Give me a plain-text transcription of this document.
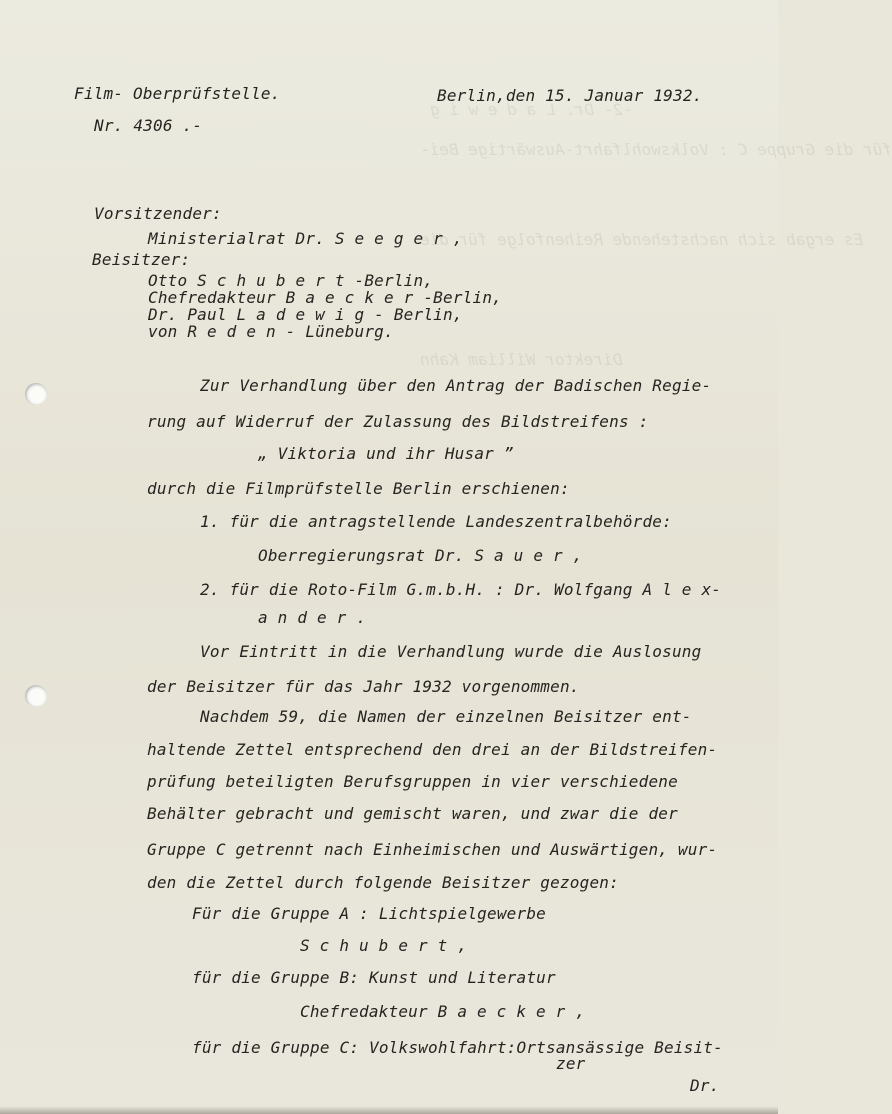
-2- Dr. L a d e w i g
für die Gruppe C : Volkswohlfahrt-Auswärtige Bei-
Es ergab sich nachstehende Reihenfolge für die
Direktor William Kahn
Film- Oberprüfstelle.	Berlin,den 15. Januar 1932.
Nr. 4306 .-
Vorsitzender:
Ministerialrat Dr. S e e g e r ,
Beisitzer:
Otto S c h u b e r t -Berlin,
Chefredakteur B a e c k e r -Berlin,
Dr. Paul L a d e w i g - Berlin,
von R e d e n - Lüneburg.
Zur Verhandlung über den Antrag der Badischen Regie-
rung auf Widerruf der Zulassung des Bildstreifens :
„ Viktoria und ihr Husar ”
durch die Filmprüfstelle Berlin erschienen:
1. für die antragstellende Landeszentralbehörde:
Oberregierungsrat Dr. S a u e r ,
2. für die Roto-Film G.m.b.H. : Dr. Wolfgang A l e x-
a n d e r .
Vor Eintritt in die Verhandlung wurde die Auslosung
der Beisitzer für das Jahr 1932 vorgenommen.
Nachdem 59, die Namen der einzelnen Beisitzer ent-
haltende Zettel entsprechend den drei an der Bildstreifen-
prüfung beteiligten Berufsgruppen in vier verschiedene
Behälter gebracht und gemischt waren, und zwar die der
Gruppe C getrennt nach Einheimischen und Auswärtigen, wur-
den die Zettel durch folgende Beisitzer gezogen:
Für die Gruppe A : Lichtspielgewerbe
S c h u b e r t ,
für die Gruppe B: Kunst und Literatur
Chefredakteur B a e c k e r ,
für die Gruppe C: Volkswohlfahrt:Ortsansässige Beisit-
zer
Dr.
